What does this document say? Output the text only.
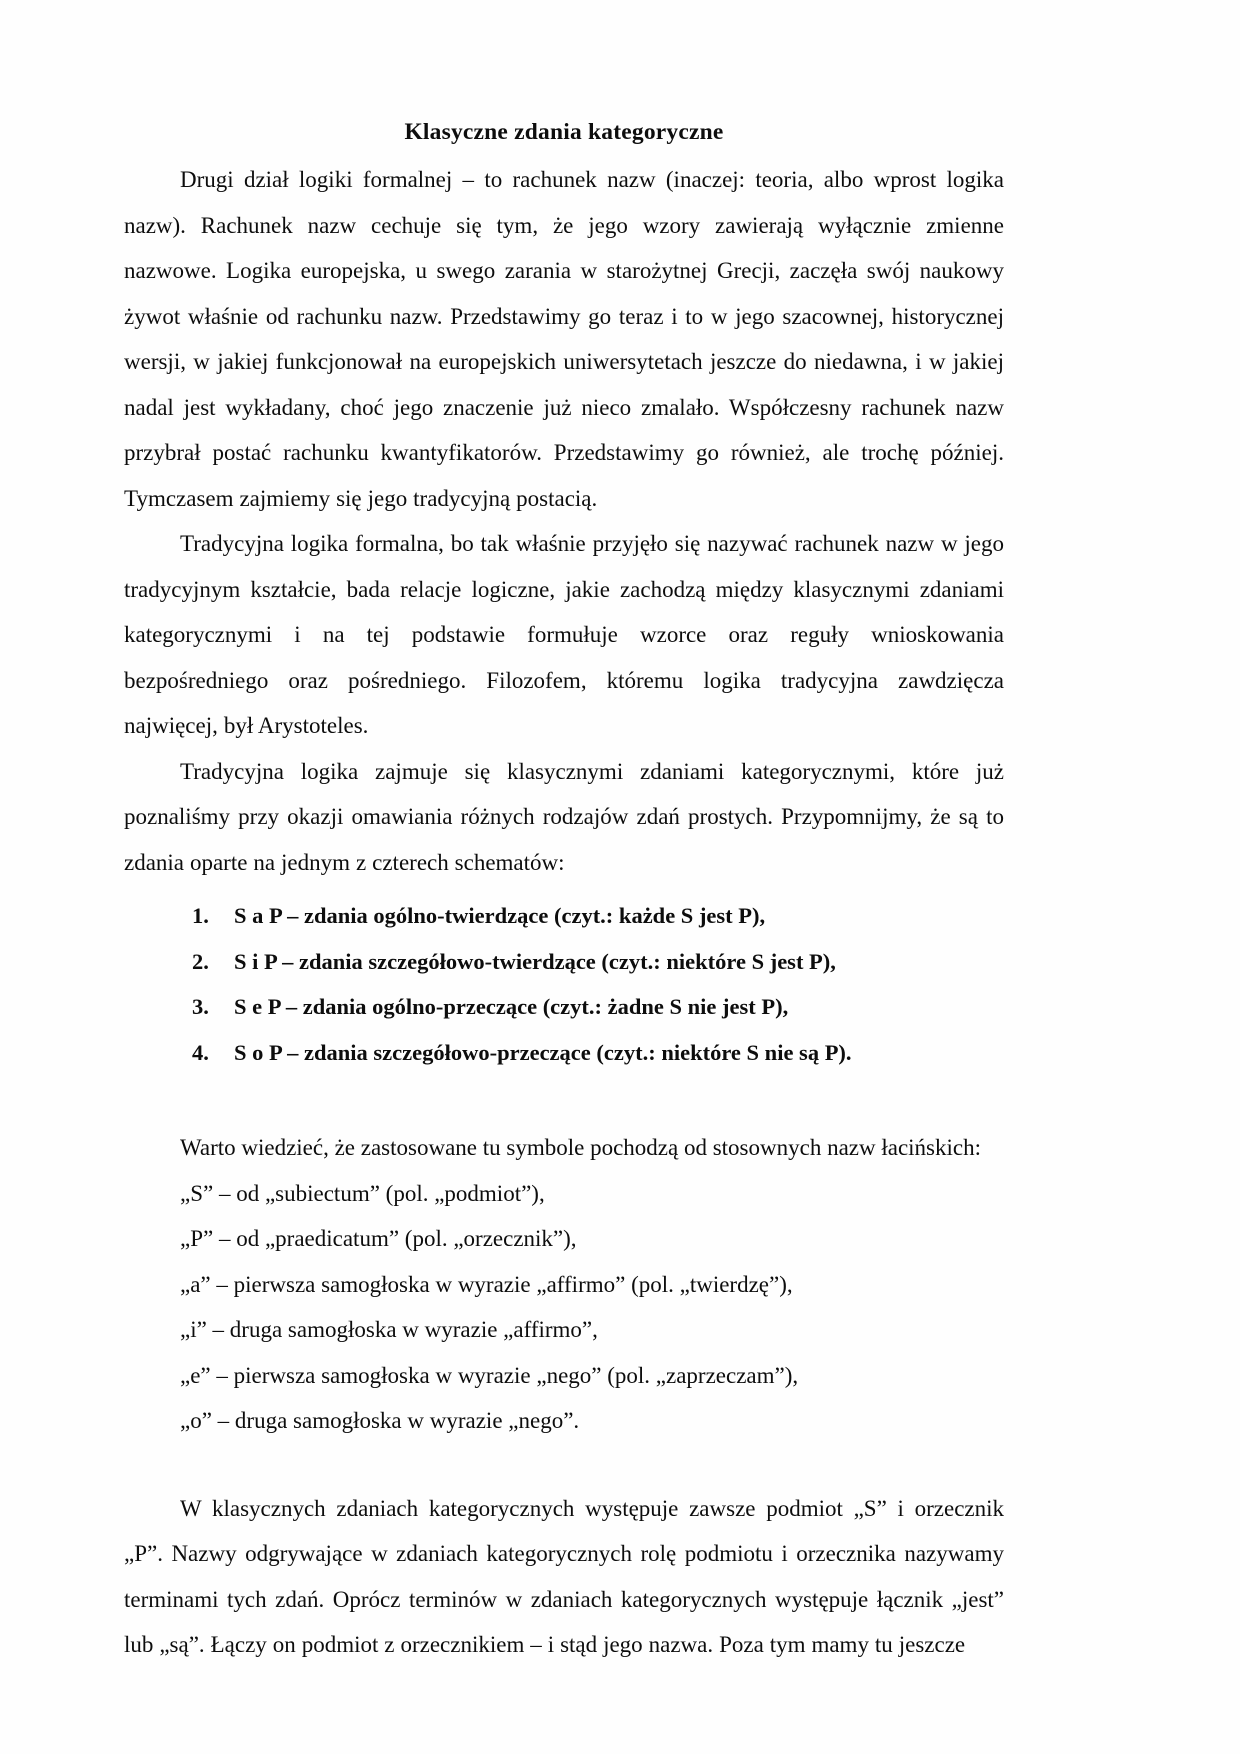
Klasyczne zdania kategoryczne

Drugi dział logiki formalnej – to rachunek nazw (inaczej: teoria, albo wprost logika nazw). Rachunek nazw cechuje się tym, że jego wzory zawierają wyłącznie zmienne nazwowe. Logika europejska, u swego zarania w starożytnej Grecji, zaczęła swój naukowy żywot właśnie od rachunku nazw. Przedstawimy go teraz i to w jego szacownej, historycznej wersji, w jakiej funkcjonował na europejskich uniwersytetach jeszcze do niedawna, i w jakiej nadal jest wykładany, choć jego znaczenie już nieco zmalało. Współczesny rachunek nazw przybrał postać rachunku kwantyfikatorów. Przedstawimy go również, ale trochę później. Tymczasem zajmiemy się jego tradycyjną postacią.

Tradycyjna logika formalna, bo tak właśnie przyjęło się nazywać rachunek nazw w jego tradycyjnym kształcie, bada relacje logiczne, jakie zachodzą między klasycznymi zdaniami kategorycznymi i na tej podstawie formułuje wzorce oraz reguły wnioskowania bezpośredniego oraz pośredniego. Filozofem, któremu logika tradycyjna zawdzięcza najwięcej, był Arystoteles.

Tradycyjna logika zajmuje się klasycznymi zdaniami kategorycznymi, które już poznaliśmy przy okazji omawiania różnych rodzajów zdań prostych. Przypomnijmy, że są to zdania oparte na jednym z czterech schematów:

1. S a P – zdania ogólno-twierdzące (czyt.: każde S jest P),
2. S i P – zdania szczegółowo-twierdzące (czyt.: niektóre S jest P),
3. S e P – zdania ogólno-przeczące (czyt.: żadne S nie jest P),
4. S o P – zdania szczegółowo-przeczące (czyt.: niektóre S nie są P).

Warto wiedzieć, że zastosowane tu symbole pochodzą od stosownych nazw łacińskich:

„S” – od „subiectum” (pol. „podmiot”),
„P” – od „praedicatum” (pol. „orzecznik”),
„a” – pierwsza samogłoska w wyrazie „affirmo” (pol. „twierdzę”),
„i” – druga samogłoska w wyrazie „affirmo”,
„e” – pierwsza samogłoska w wyrazie „nego” (pol. „zaprzeczam”),
„o” – druga samogłoska w wyrazie „nego”.

W klasycznych zdaniach kategorycznych występuje zawsze podmiot „S” i orzecznik „P”. Nazwy odgrywające w zdaniach kategorycznych rolę podmiotu i orzecznika nazywamy terminami tych zdań. Oprócz terminów w zdaniach kategorycznych występuje łącznik „jest” lub „są”. Łączy on podmiot z orzecznikiem – i stąd jego nazwa. Poza tym mamy tu jeszcze
